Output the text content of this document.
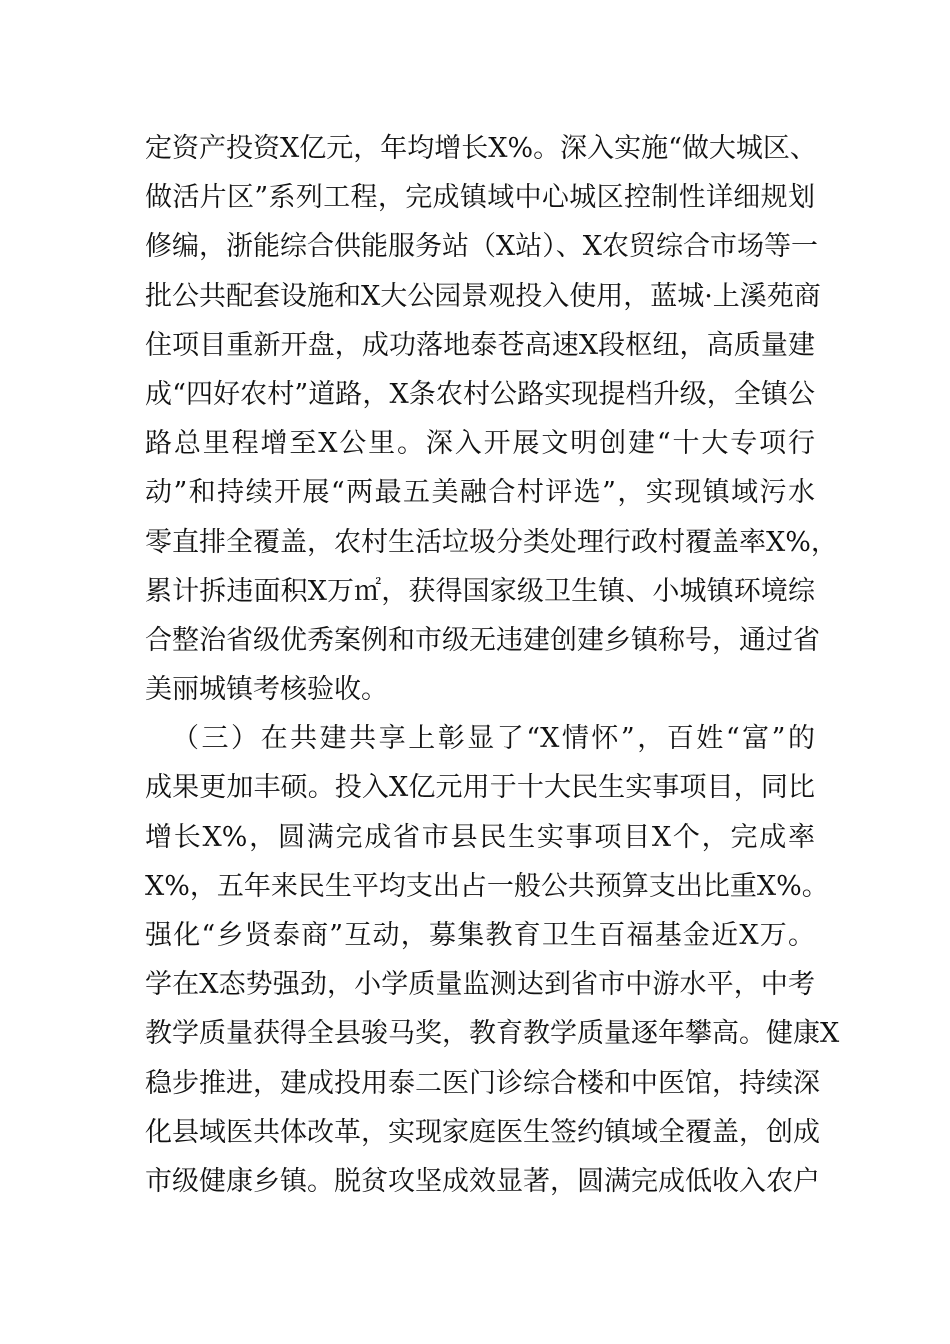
定资产投资X亿元，年均增长X%。深入实施“做大城区、
做活片区”系列工程，完成镇域中心城区控制性详细规划
修编，浙能综合供能服务站（X站）、X农贸综合市场等一
批公共配套设施和X大公园景观投入使用，蓝城·上溪苑商
住项目重新开盘，成功落地泰苍高速X段枢纽，高质量建
成“四好农村”道路，X条农村公路实现提档升级，全镇公
路总里程增至X公里。深入开展文明创建“十大专项行
动”和持续开展“两最五美融合村评选”，实现镇域污水
零直排全覆盖，农村生活垃圾分类处理行政村覆盖率X%，
累计拆违面积X万㎡，获得国家级卫生镇、小城镇环境综
合整治省级优秀案例和市级无违建创建乡镇称号，通过省
美丽城镇考核验收。
（三）在共建共享上彰显了“X情怀”，百姓“富”的
成果更加丰硕。投入X亿元用于十大民生实事项目，同比
增长X%，圆满完成省市县民生实事项目X个，完成率
X%，五年来民生平均支出占一般公共预算支出比重X%。
强化“乡贤泰商”互动，募集教育卫生百福基金近X万。
学在X态势强劲，小学质量监测达到省市中游水平，中考
教学质量获得全县骏马奖，教育教学质量逐年攀高。健康X
稳步推进，建成投用泰二医门诊综合楼和中医馆，持续深
化县域医共体改革，实现家庭医生签约镇域全覆盖，创成
市级健康乡镇。脱贫攻坚成效显著，圆满完成低收入农户
